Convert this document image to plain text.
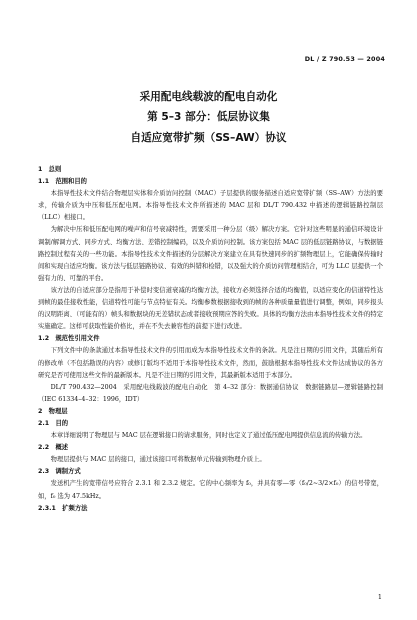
DL / Z 790.53 — 2004
采用配电线载波的配电自动化
第 5–3 部分：低层协议集
自适应宽带扩频（SS–AW）协议
1　总则
1.1　范围和目的
本指导性技术文件结合物理层实体和介质访问控制（MAC）子层提供的服务描述自适应宽带扩频（SS–AW）方法的要求，传输介质为中压和低压配电网。本指导性技术文件所描述的 MAC 层和 DL/T 790.432 中描述的逻辑链路控制层（LLC）相接口。
为解决中压和低压配电网的噪声和信号衰减特性，需要采用一种分层（级）解决方案。它针对这些明显的通信环境设计调制/解调方式、同步方式、均衡方法、差错控制编码，以及介质访问控制。该方案包括 MAC 层的低层链路协议，与数据链路控制过程有关的一些功能。本指导性技术文件描述的分层解决方案建立在具有快速同步的扩频物理层上，它能确保传输时间和实现自适应均衡。该方法与低层链路协议、有效的纠错和检错，以及强大的介质访问管理相结合，可为 LLC 层提供一个强有力的、可靠的平台。
该方法的自适应部分是指用于补偿时变信道衰减的均衡方法，接收方必须选择合适的均衡值，以适应变化的信道特性达到帧的最佳接收性能，信道特性可能与节点特征有关。均衡参数根据接收到的帧的各种质量量值进行调整，例如，同步报头的汉明距离、（可能有的）帧头和数据块的无差错状态或者接收预期应答的失败。具体的均衡方法由本指导性技术文件的特定实施确定。这样可获取性能价格比，并在不失去兼容性的前提下进行改进。
1.2　规范性引用文件
下列文件中的条款通过本指导性技术文件的引用而成为本指导性技术文件的条款。凡是注日期的引用文件，其随后所有的修改单（不包括勘误的内容）或修订版均不适用于本指导性技术文件，然而，鼓励根据本指导性技术文件达成协议的各方研究是否可使用这些文件的最新版本。凡是不注日期的引用文件，其最新版本适用于本部分。
DL/T 790.432—2004　采用配电线载波的配电自动化　第 4–32 部分：数据通信协议　数据链路层—逻辑链路控制（IEC 61334–4–32：1996，IDT）
2　物理层
2.1　目的
本章详细说明了物理层与 MAC 层在逻辑接口的请求服务，同时也定义了通过低压配电网提供信息流的传输方法。
2.2　概述
物理层提供与 MAC 层的接口，通过该接口可将数据单元传输到物理介质上。
2.3　调制方式
发送机产生的宽带信号应符合 2.3.1 和 2.3.2 规定。它的中心频率为 f₀，并具有零—零（f₀/2~3/2×f₀）的信号带宽，如，f₀ 选为 47.5kHz。
2.3.1　扩频方法
1
